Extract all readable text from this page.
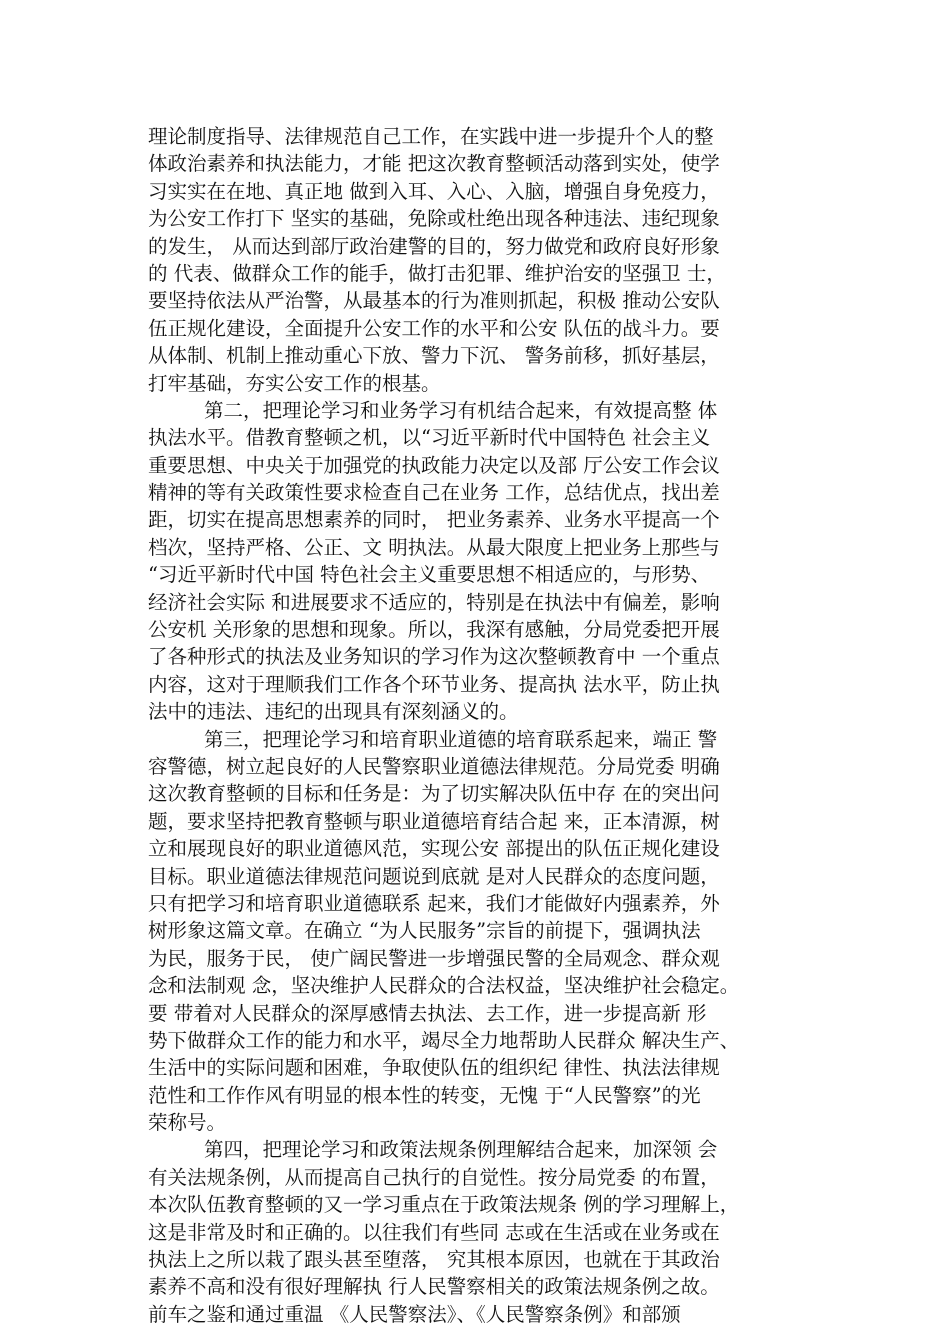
理论制度指导、法律规范自己工作，在实践中进一步提升个人的整
体政治素养和执法能力，才能 把这次教育整顿活动落到实处，使学
习实实在在地、真正地 做到入耳、入心、入脑，增强自身免疫力，
为公安工作打下 坚实的基础，免除或杜绝出现各种违法、违纪现象
的发生， 从而达到部厅政治建警的目的，努力做党和政府良好形象
的 代表、做群众工作的能手，做打击犯罪、维护治安的坚强卫 士，
要坚持依法从严治警，从最基本的行为准则抓起，积极 推动公安队
伍正规化建设，全面提升公安工作的水平和公安 队伍的战斗力。要
从体制、机制上推动重心下放、警力下沉、 警务前移，抓好基层，
打牢基础，夯实公安工作的根基。
第二，把理论学习和业务学习有机结合起来，有效提高整 体
执法水平。借教育整顿之机，以“习近平新时代中国特色 社会主义
重要思想、中央关于加强党的执政能力决定以及部 厅公安工作会议
精神的等有关政策性要求检查自己在业务 工作，总结优点，找出差
距，切实在提高思想素养的同时， 把业务素养、业务水平提高一个
档次，坚持严格、公正、文 明执法。从最大限度上把业务上那些与
“习近平新时代中国 特色社会主义重要思想不相适应的，与形势、
经济社会实际 和进展要求不适应的，特别是在执法中有偏差，影响
公安机 关形象的思想和现象。所以，我深有感触，分局党委把开展
了各种形式的执法及业务知识的学习作为这次整顿教育中 一个重点
内容，这对于理顺我们工作各个环节业务、提高执 法水平，防止执
法中的违法、违纪的出现具有深刻涵义的。
第三，把理论学习和培育职业道德的培育联系起来，端正 警
容警德，树立起良好的人民警察职业道德法律规范。分局党委 明确
这次教育整顿的目标和任务是：为了切实解决队伍中存 在的突出问
题，要求坚持把教育整顿与职业道德培育结合起 来，正本清源，树
立和展现良好的职业道德风范，实现公安 部提出的队伍正规化建设
目标。职业道德法律规范问题说到底就 是对人民群众的态度问题，
只有把学习和培育职业道德联系 起来，我们才能做好内强素养，外
树形象这篇文章。在确立 “为人民服务”宗旨的前提下，强调执法
为民，服务于民， 使广阔民警进一步增强民警的全局观念、群众观
念和法制观 念，坚决维护人民群众的合法权益，坚决维护社会稳定。
要 带着对人民群众的深厚感情去执法、去工作，进一步提高新 形
势下做群众工作的能力和水平，竭尽全力地帮助人民群众 解决生产、
生活中的实际问题和困难，争取使队伍的组织纪 律性、执法法律规
范性和工作作风有明显的根本性的转变，无愧 于“人民警察”的光
荣称号。
第四，把理论学习和政策法规条例理解结合起来，加深领 会
有关法规条例，从而提高自己执行的自觉性。按分局党委 的布置，
本次队伍教育整顿的又一学习重点在于政策法规条 例的学习理解上，
这是非常及时和正确的。以往我们有些同 志或在生活或在业务或在
执法上之所以栽了跟头甚至堕落， 究其根本原因，也就在于其政治
素养不高和没有很好理解执 行人民警察相关的政策法规条例之故。
前车之鉴和通过重温 《人民警察法》、《人民警察条例》和部颁
